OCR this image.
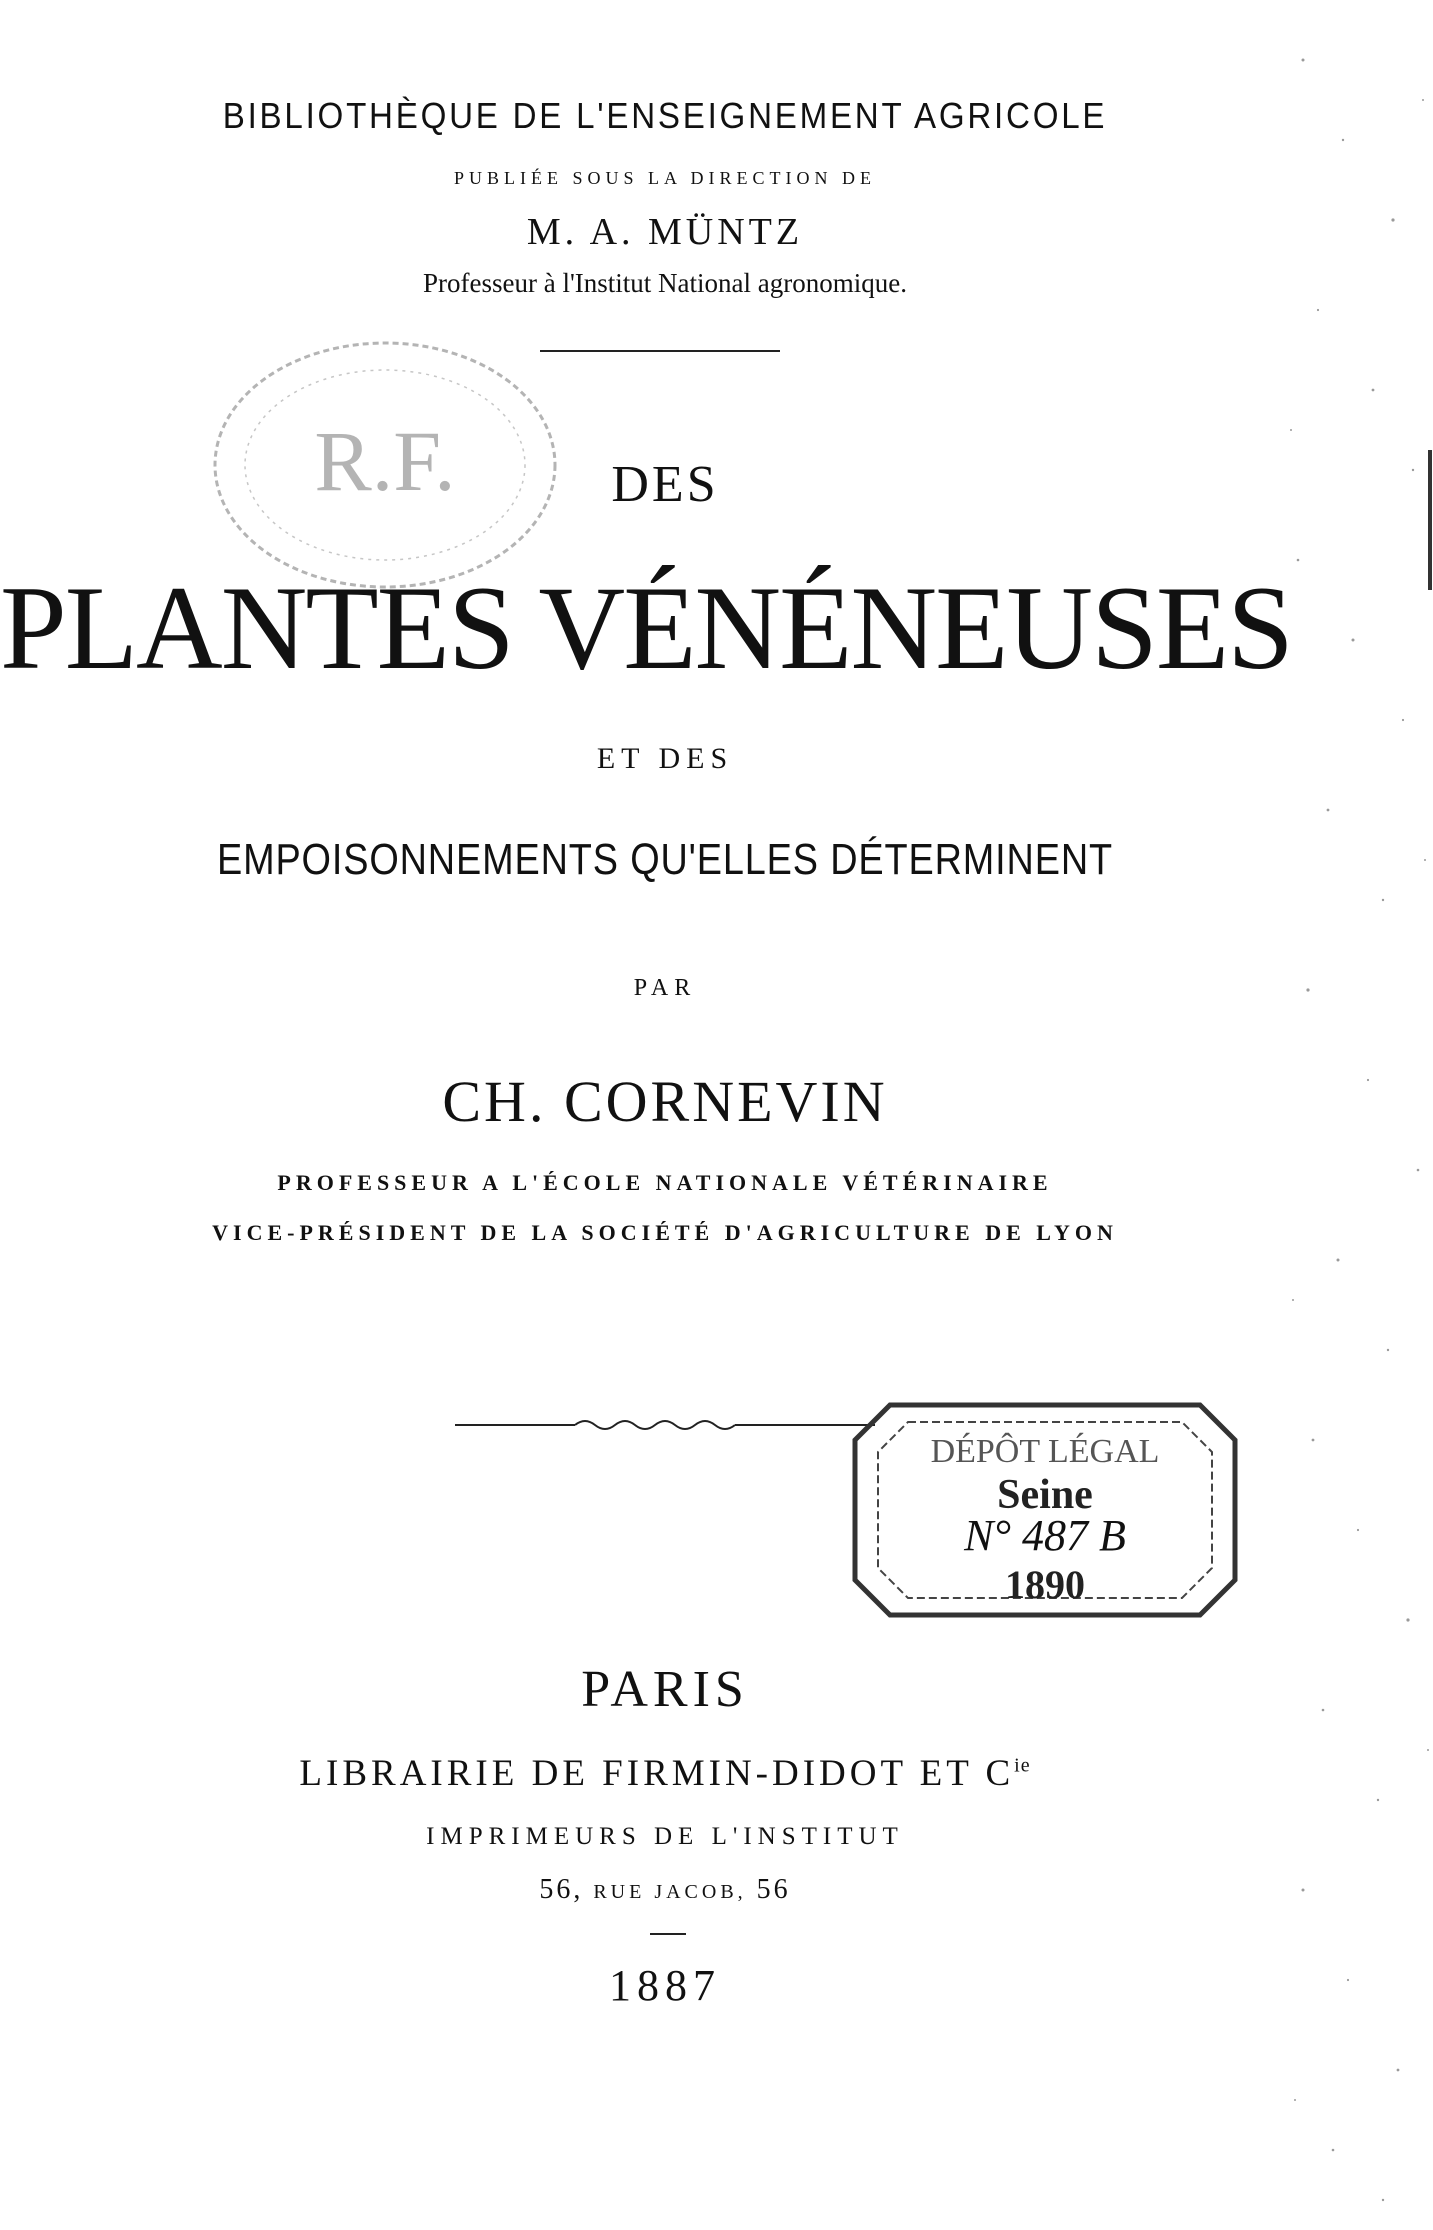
BIBLIOTHÈQUE DE L'ENSEIGNEMENT AGRICOLE
PUBLIÉE SOUS LA DIRECTION DE
M. A. MÜNTZ
Professeur à l'Institut National agronomique.
R.F.	DES
PLANTES VÉNÉNEUSES
ET DES
EMPOISONNEMENTS QU'ELLES DÉTERMINENT
PAR
CH. CORNEVIN
PROFESSEUR A L'ÉCOLE NATIONALE VÉTÉRINAIRE
VICE-PRÉSIDENT DE LA SOCIÉTÉ D'AGRICULTURE DE LYON
DÉPÔT LÉGAL
Seine
N° 487 B
1890
PARIS
LIBRAIRIE DE FIRMIN-DIDOT ET $C^{ie}$
IMPRIMEURS DE L'INSTITUT
56, RUE JACOB, 56
1887
